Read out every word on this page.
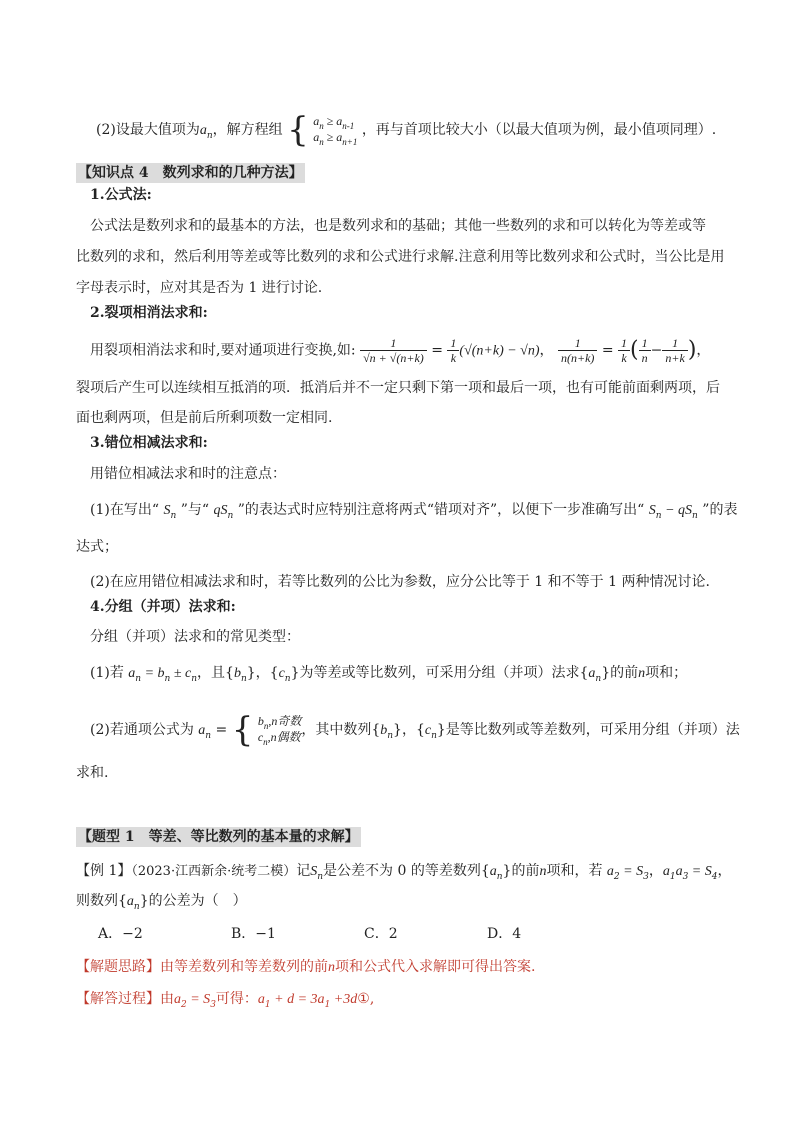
(2)设最大值项为$a_n$，解方程组 { $a_n \ge a_{n-1}$
$a_n \ge a_{n+1}$
，再与首项比较大小（以最大值项为例，最小值项同理）.
【知识点 4　数列求和的几种方法】
1.公式法:
公式法是数列求和的最基本的方法，也是数列求和的基础；其他一些数列的求和可以转化为等差或等
比数列的求和，然后利用等差或等比数列的求和公式进行求解.注意利用等比数列求和公式时，当公比是用
字母表示时，应对其是否为 1 进行讨论.
2.裂项相消法求和:
用裂项相消法求和时,要对通项进行变换,如: $\frac{1}{√n + √(n+k)} = \frac{1}{k} (√(n+k) - √n)$， $\frac{1}{n(n+k)} = \frac{1}{k}$ ( $\frac{1}{n} - \frac{1}{n+k}$ )，
裂项后产生可以连续相互抵消的项．抵消后并不一定只剩下第一项和最后一项，也有可能前面剩两项，后
面也剩两项，但是前后所剩项数一定相同.
3.错位相减法求和:
用错位相减法求和时的注意点：
(1)在写出“ $S_n$ ”与“ $qS_n$ ”的表达式时应特别注意将两式“错项对齐”，以便下一步准确写出“ $S_n - qS_n$ ”的表
达式；
(2)在应用错位相减法求和时，若等比数列的公比为参数，应分公比等于 1 和不等于 1 两种情况讨论.
4.分组（并项）法求和:
分组（并项）法求和的常见类型：
(1)若 $a_n = b_n \pm c_n$，且$\{b_n\}$，$\{c_n\}$为等差或等比数列，可采用分组（并项）法求$\{a_n\}$的前n项和；
(2)若通项公式为 $a_n$ = { $b_n,n$奇数
$c_n,n$偶数 ，其中数列$\{b_n\}$，$\{c_n\}$是等比数列或等差数列，可采用分组（并项）法
求和.
【题型 1　等差、等比数列的基本量的求解】
【例 1】（2023·江西新余·统考二模）记$S_n$是公差不为 0 的等差数列$\{a_n\}$的前n项和，若 $a_2 = S_3$，$a_1a_3 = S_4$，
则数列$\{a_n\}$的公差为（　）
A．−2	B．−1	C．2	D．4
【解题思路】由等差数列和等差数列的前n项和公式代入求解即可得出答案.
【解答过程】由$a_2 = S_3$可得：$a_1 + d = 3a_1$ +3d①,
